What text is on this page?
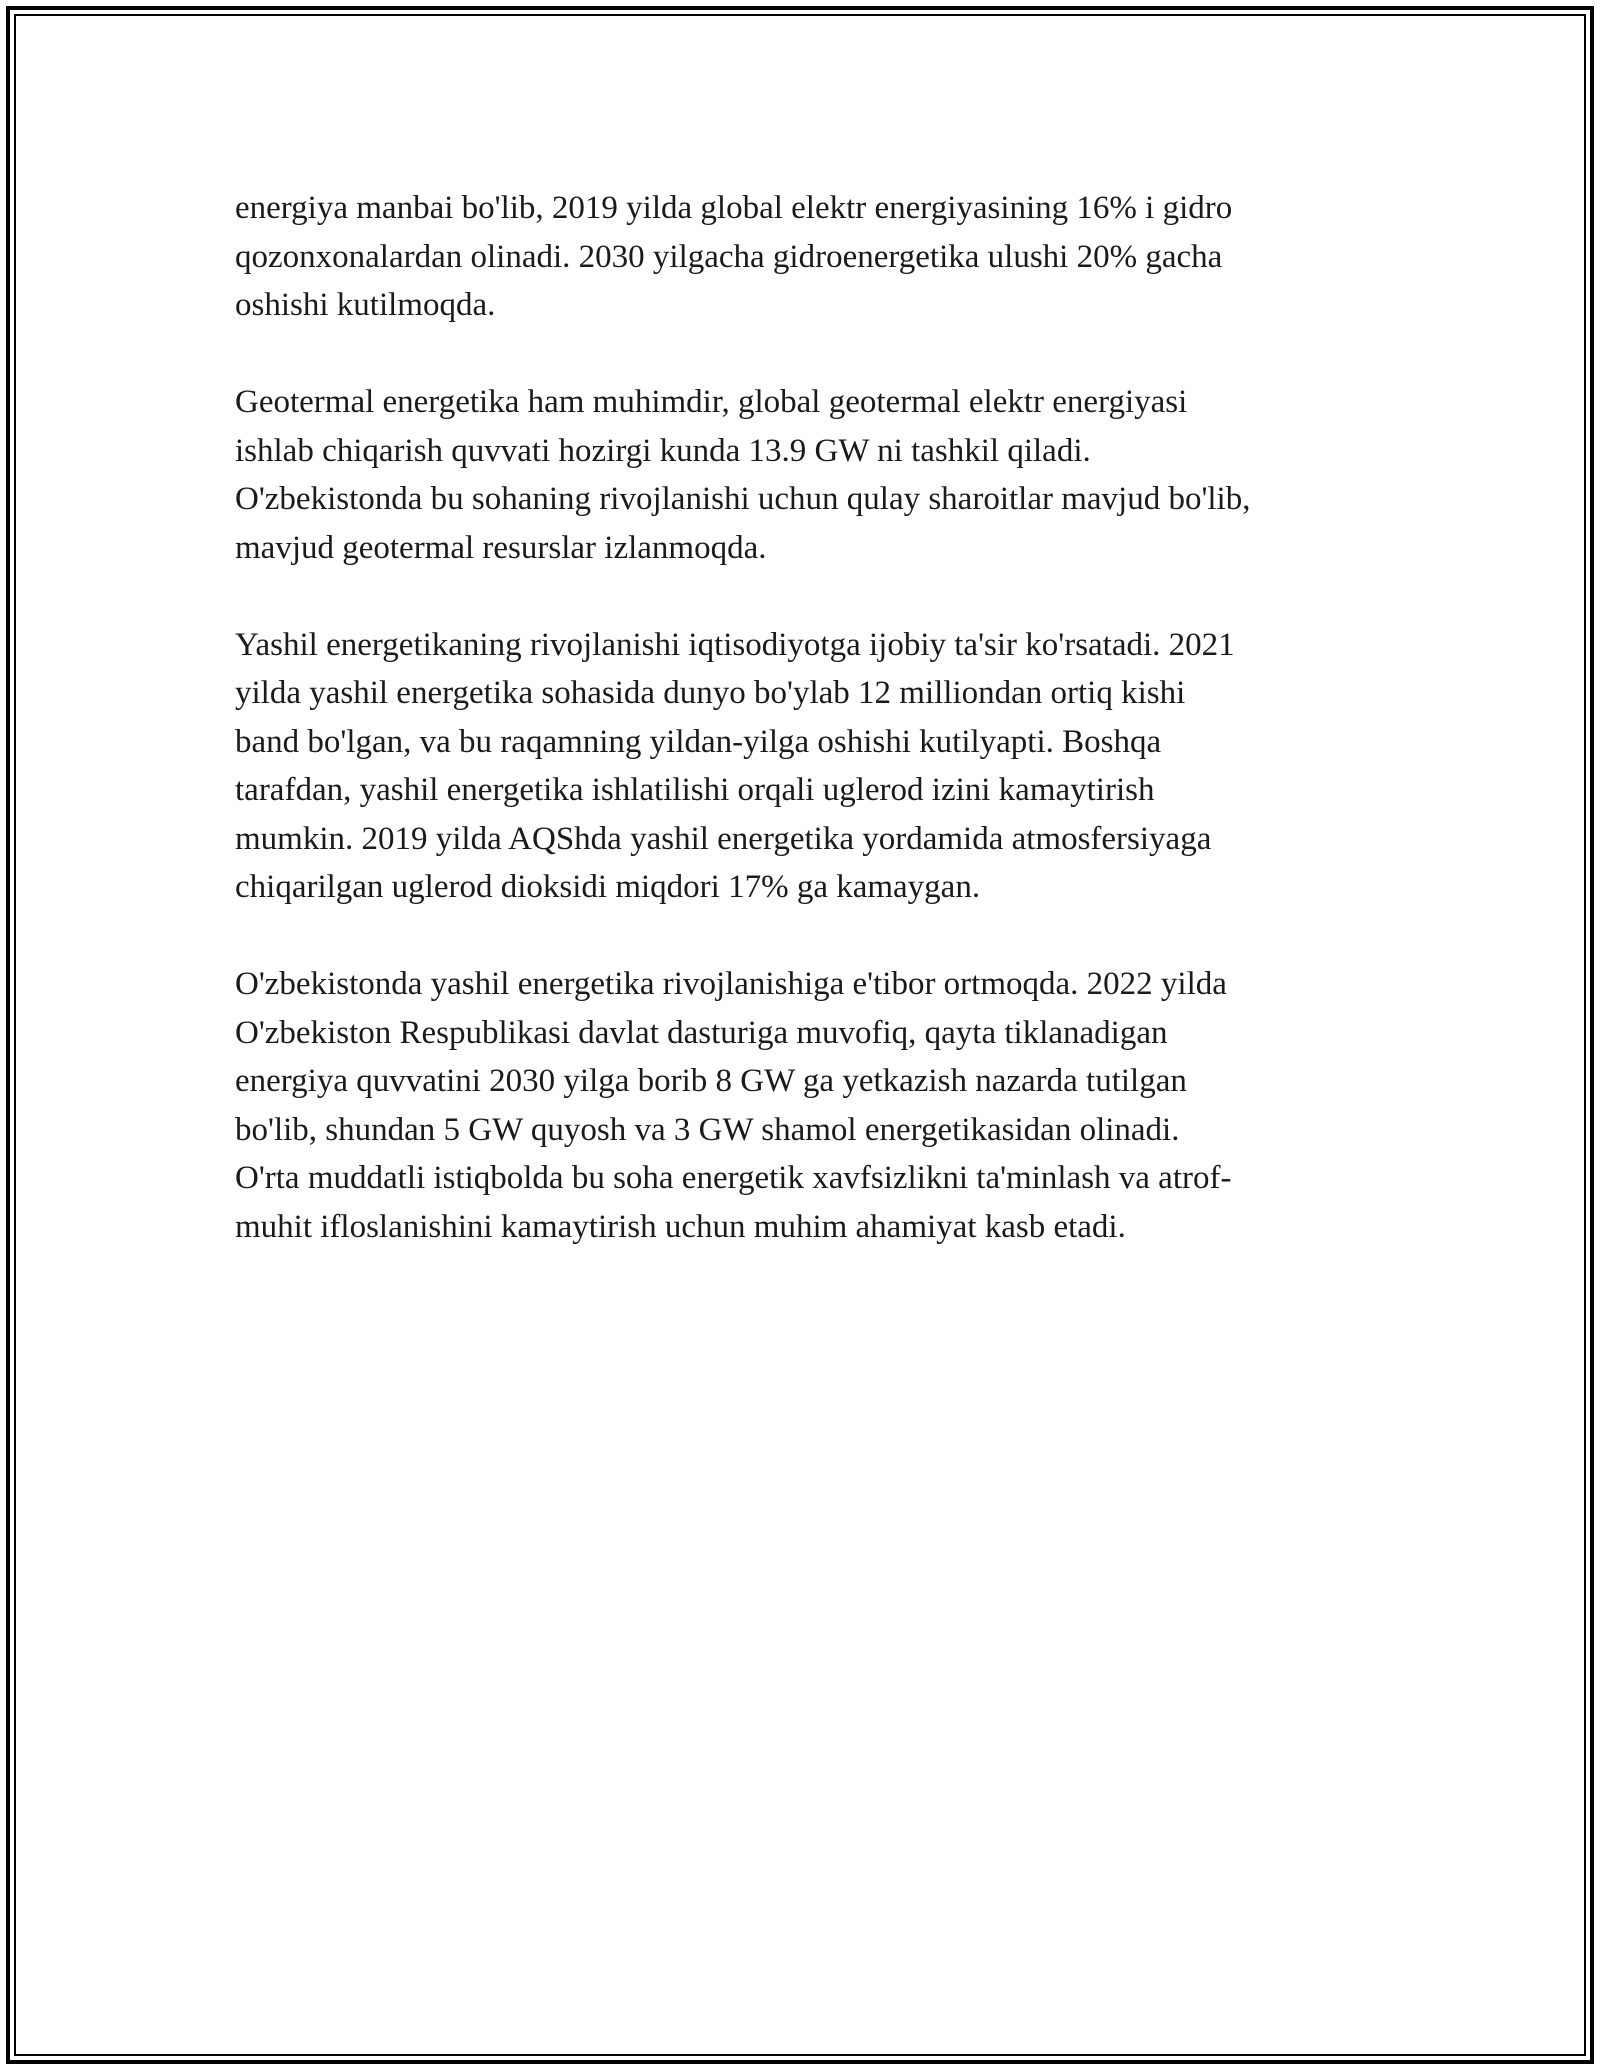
energiya manbai bo'lib, 2019 yilda global elektr energiyasining 16% i gidro
qozonxonalardan olinadi. 2030 yilgacha gidroenergetika ulushi 20% gacha
oshishi kutilmoqda.

Geotermal energetika ham muhimdir, global geotermal elektr energiyasi
ishlab chiqarish quvvati hozirgi kunda 13.9 GW ni tashkil qiladi.
O'zbekistonda bu sohaning rivojlanishi uchun qulay sharoitlar mavjud bo'lib,
mavjud geotermal resurslar izlanmoqda.

Yashil energetikaning rivojlanishi iqtisodiyotga ijobiy ta'sir ko'rsatadi. 2021
yilda yashil energetika sohasida dunyo bo'ylab 12 milliondan ortiq kishi
band bo'lgan, va bu raqamning yildan-yilga oshishi kutilyapti. Boshqa
tarafdan, yashil energetika ishlatilishi orqali uglerod izini kamaytirish
mumkin. 2019 yilda AQShda yashil energetika yordamida atmosfersiyaga
chiqarilgan uglerod dioksidi miqdori 17% ga kamaygan.

O'zbekistonda yashil energetika rivojlanishiga e'tibor ortmoqda. 2022 yilda
O'zbekiston Respublikasi davlat dasturiga muvofiq, qayta tiklanadigan
energiya quvvatini 2030 yilga borib 8 GW ga yetkazish nazarda tutilgan
bo'lib, shundan 5 GW quyosh va 3 GW shamol energetikasidan olinadi.
O'rta muddatli istiqbolda bu soha energetik xavfsizlikni ta'minlash va atrof-
muhit ifloslanishini kamaytirish uchun muhim ahamiyat kasb etadi.
